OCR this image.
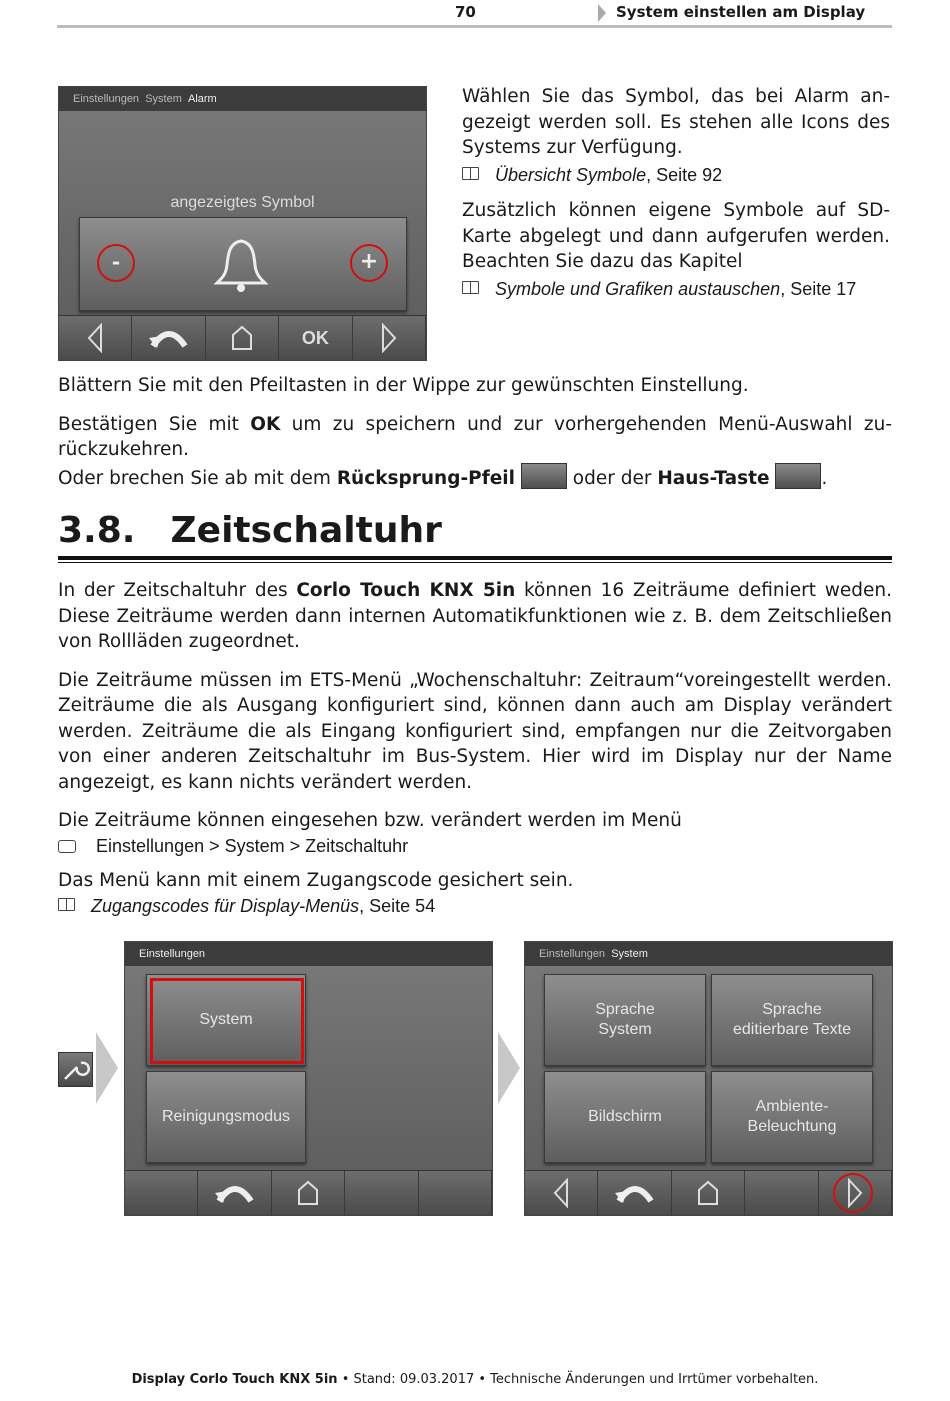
70	System einstellen am Display
Einstellungen System Alarm
angezeigtes Symbol
-	+
OK
Wählen Sie das Symbol, das bei Alarm angezeigt werden soll. Es stehen alle Icons des Systems zur Verfügung.
Übersicht Symbole, Seite 92
Zusätzlich können eigene Symbole auf SD-Karte abgelegt und dann aufgerufen werden. Beachten Sie dazu das Kapitel
Symbole und Grafiken austauschen, Seite 17
Blättern Sie mit den Pfeiltasten in der Wippe zur gewünschten Einstellung.
Bestätigen Sie mit OK um zu speichern und zur vorhergehenden Menü-Auswahl zurückzukehren.
Oder brechen Sie ab mit dem Rücksprung-Pfeil	oder der Haus-Taste	.
3.8. Zeitschaltuhr
In der Zeitschaltuhr des Corlo Touch KNX 5in können 16 Zeiträume definiert weden. Diese Zeiträume werden dann internen Automatikfunktionen wie z. B. dem Zeitschließen von Rollläden zugeordnet.
Die Zeiträume müssen im ETS-Menü „Wochenschaltuhr: Zeitraum“voreingestellt werden. Zeiträume die als Ausgang konfiguriert sind, können dann auch am Display verändert werden. Zeiträume die als Eingang konfiguriert sind, empfangen nur die Zeitvorgaben von einer anderen Zeitschaltuhr im Bus-System. Hier wird im Display nur der Name angezeigt, es kann nichts verändert werden.
Die Zeiträume können eingesehen bzw. verändert werden im Menü
Einstellungen > System > Zeitschaltuhr
Das Menü kann mit einem Zugangscode gesichert sein.
Zugangscodes für Display-Menüs, Seite 54
Einstellungen
System
Reinigungsmodus
Einstellungen System
Sprache
System
Sprache
editierbare Texte
Bildschirm
Ambiente-
Beleuchtung
Display Corlo Touch KNX 5in • Stand: 09.03.2017 • Technische Änderungen und Irrtümer vorbehalten.
